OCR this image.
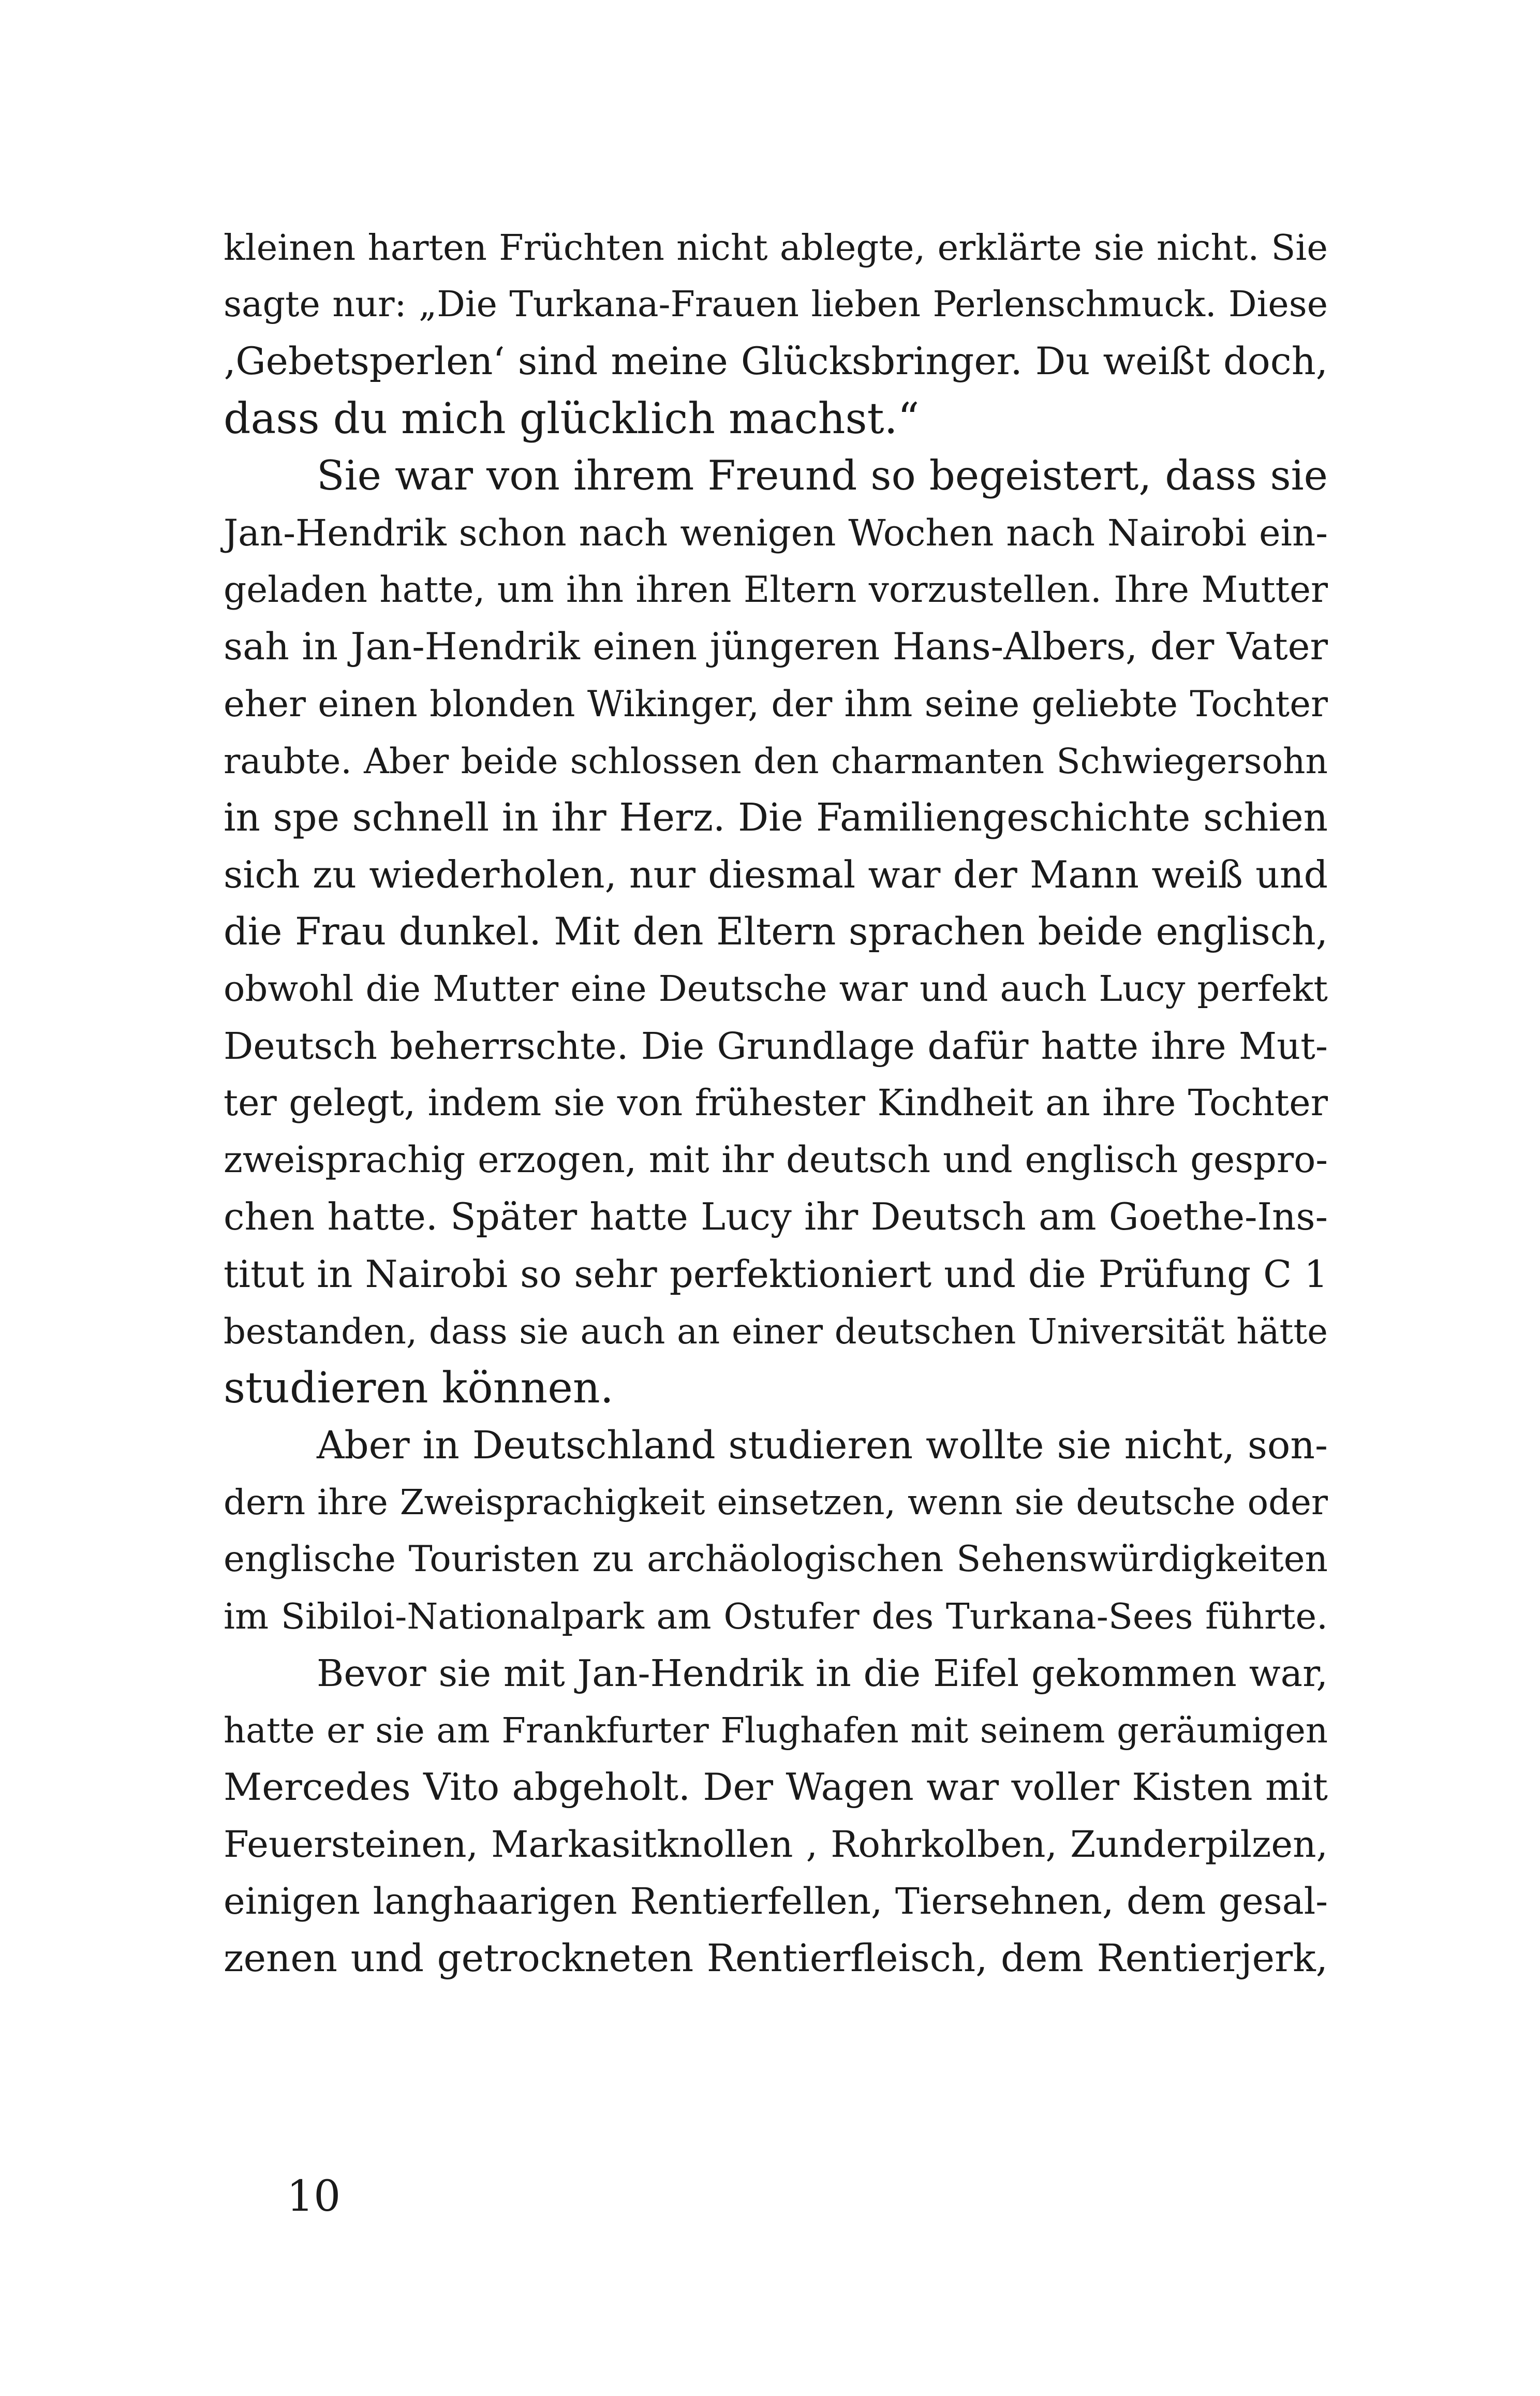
kleinen harten Früchten nicht ablegte, erklärte sie nicht. Sie
sagte nur: „Die Turkana-Frauen lieben Perlenschmuck. Diese
‚Gebetsperlen‘ sind meine Glücksbringer. Du weißt doch,
dass du mich glücklich machst.“
Sie war von ihrem Freund so begeistert, dass sie
Jan-Hendrik schon nach wenigen Wochen nach Nairobi ein-
geladen hatte, um ihn ihren Eltern vorzustellen. Ihre Mutter
sah in Jan-Hendrik einen jüngeren Hans-Albers, der Vater
eher einen blonden Wikinger, der ihm seine geliebte Tochter
raubte. Aber beide schlossen den charmanten Schwiegersohn
in spe schnell in ihr Herz. Die Familiengeschichte schien
sich zu wiederholen, nur diesmal war der Mann weiß und
die Frau dunkel. Mit den Eltern sprachen beide englisch,
obwohl die Mutter eine Deutsche war und auch Lucy perfekt
Deutsch beherrschte. Die Grundlage dafür hatte ihre Mut-
ter gelegt, indem sie von frühester Kindheit an ihre Tochter
zweisprachig erzogen, mit ihr deutsch und englisch gespro-
chen hatte. Später hatte Lucy ihr Deutsch am Goethe-Ins-
titut in Nairobi so sehr perfektioniert und die Prüfung C 1
bestanden, dass sie auch an einer deutschen Universität hätte
studieren können.
Aber in Deutschland studieren wollte sie nicht, son-
dern ihre Zweisprachigkeit einsetzen, wenn sie deutsche oder
englische Touristen zu archäologischen Sehenswürdigkeiten
im Sibiloi-Nationalpark am Ostufer des Turkana-Sees führte.
Bevor sie mit Jan-Hendrik in die Eifel gekommen war,
hatte er sie am Frankfurter Flughafen mit seinem geräumigen
Mercedes Vito abgeholt. Der Wagen war voller Kisten mit
Feuersteinen, Markasitknollen , Rohrkolben, Zunderpilzen,
einigen langhaarigen Rentierfellen, Tiersehnen, dem gesal-
zenen und getrockneten Rentierfleisch, dem Rentierjerk,
10
